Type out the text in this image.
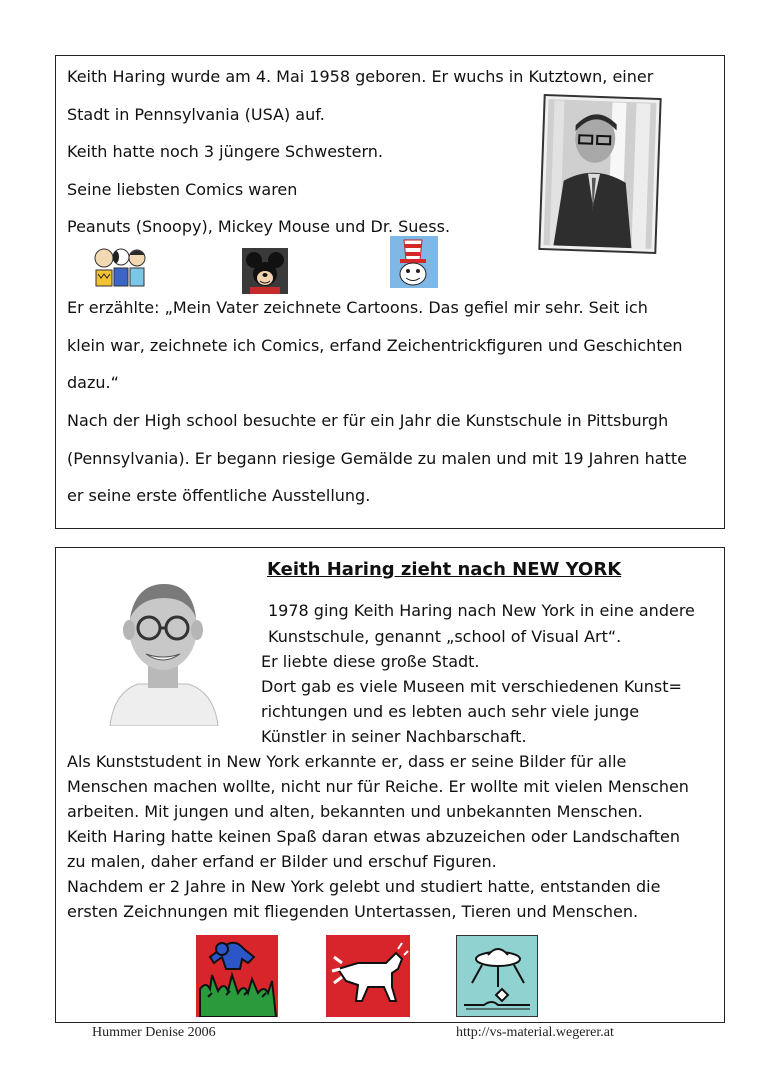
Keith Haring wurde am 4. Mai 1958 geboren. Er wuchs in Kutztown, einer
Stadt in Pennsylvania (USA) auf.
Keith hatte noch 3 jüngere Schwestern.
Seine liebsten Comics waren
Peanuts (Snoopy), Mickey Mouse und Dr. Suess.
Er erzählte: „Mein Vater zeichnete Cartoons. Das gefiel mir sehr. Seit ich
klein war, zeichnete ich Comics, erfand Zeichentrickfiguren und Geschichten
dazu.“
Nach der High school besuchte er für ein Jahr die Kunstschule in Pittsburgh
(Pennsylvania). Er begann riesige Gemälde zu malen und mit 19 Jahren hatte
er seine erste öffentliche Ausstellung.
Keith Haring zieht nach NEW YORK
1978 ging Keith Haring nach New York in eine andere
Kunstschule, genannt „school of Visual Art“.
Er liebte diese große Stadt.
Dort gab es viele Museen mit verschiedenen Kunst=
richtungen und es lebten auch sehr viele junge
Künstler in seiner Nachbarschaft.
Als Kunststudent in New York erkannte er, dass er seine Bilder für alle
Menschen machen wollte, nicht nur für Reiche. Er wollte mit vielen Menschen
arbeiten. Mit jungen und alten, bekannten und unbekannten Menschen.
Keith Haring hatte keinen Spaß daran etwas abzuzeichen oder Landschaften
zu malen, daher erfand er Bilder und erschuf Figuren.
Nachdem er 2 Jahre in New York gelebt und studiert hatte, entstanden die
ersten Zeichnungen mit fliegenden Untertassen, Tieren und Menschen.
Hummer Denise 2006	http://vs-material.wegerer.at
